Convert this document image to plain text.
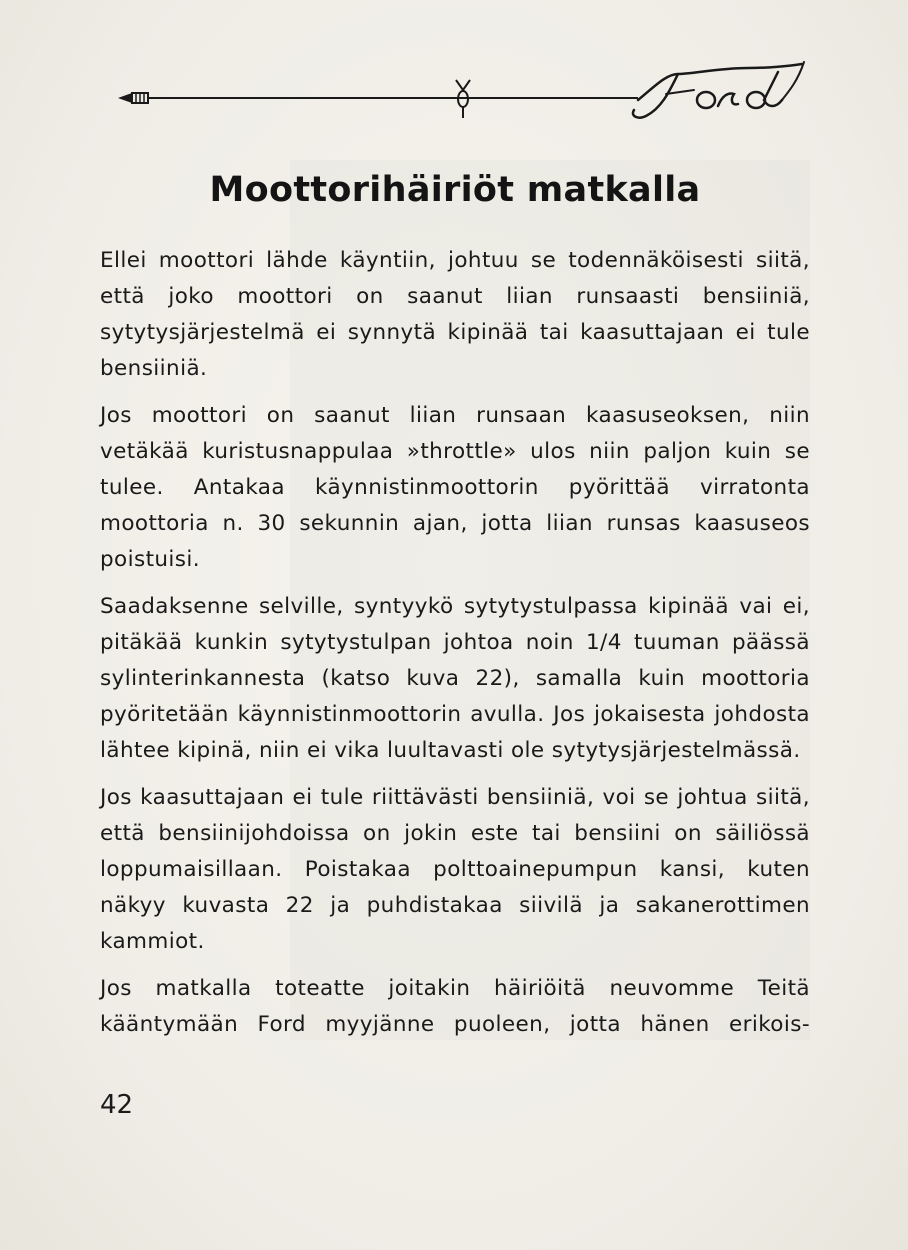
Moottorihäiriöt matkalla

Ellei moottori lähde käyntiin, johtuu se todennäköisesti siitä, että joko moottori on saanut liian runsaasti bensiiniä, sytytysjärjestelmä ei synnytä kipinää tai kaasuttajaan ei tule bensiiniä.

Jos moottori on saanut liian runsaan kaasuseoksen, niin vetäkää kuristusnappulaa »throttle» ulos niin paljon kuin se tulee. Antakaa käynnistinmoottorin pyörittää virratonta moottoria n. 30 sekunnin ajan, jotta liian runsas kaasuseos poistuisi.

Saadaksenne selville, syntyykö sytytystulpassa kipinää vai ei, pitäkää kunkin sytytystulpan johtoa noin 1/4 tuuman päässä sylinterinkannesta (katso kuva 22), samalla kuin moottoria pyöritetään käynnistinmoottorin avulla. Jos jokaisesta johdosta lähtee kipinä, niin ei vika luultavasti ole sytytysjärjestelmässä.

Jos kaasuttajaan ei tule riittävästi bensiiniä, voi se johtua siitä, että bensiinijohdoissa on jokin este tai bensiini on säiliössä loppumaisillaan. Poistakaa polttoainepumpun kansi, kuten näkyy kuvasta 22 ja puhdistakaa siivilä ja sakanerottimen kammiot.

Jos matkalla toteatte joitakin häiriöitä neuvomme Teitä kääntymään Ford myyjänne puoleen, jotta hänen erikois-

42
